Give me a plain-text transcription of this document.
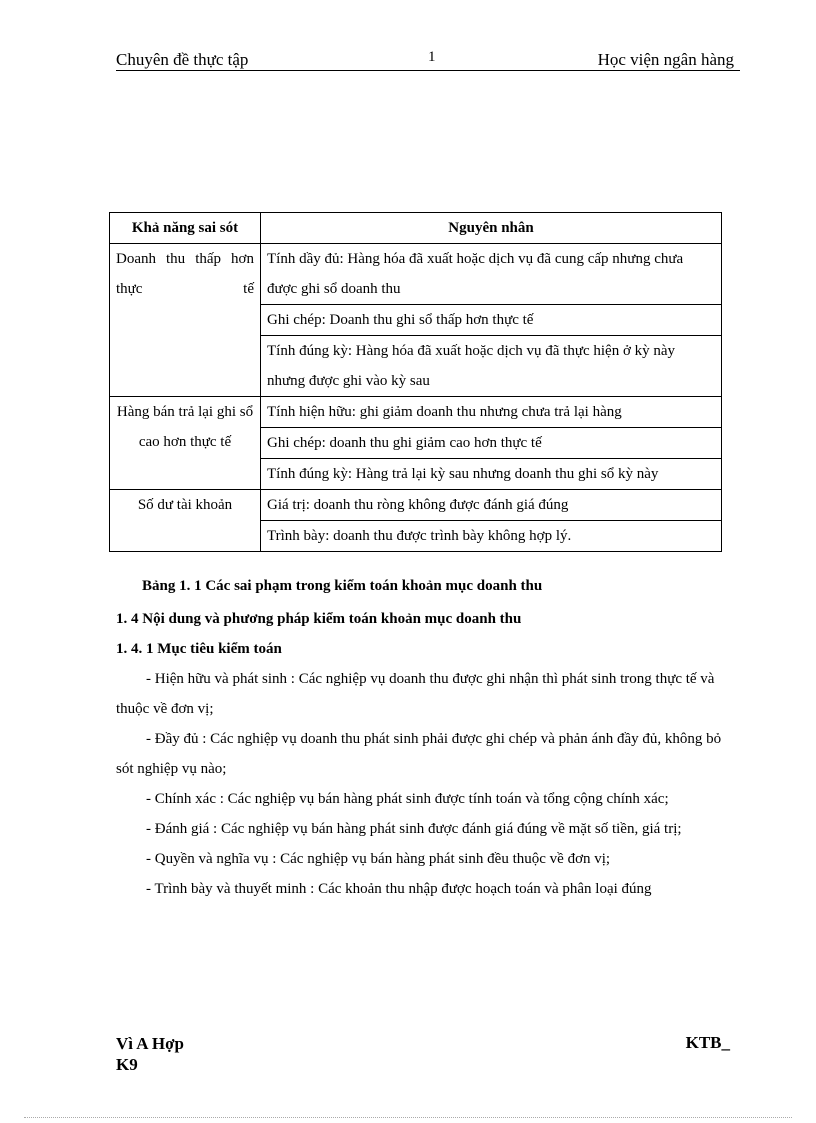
Chuyên đề thực tập	1	Học viện ngân hàng
Khả năng sai sót	Nguyên nhân
Doanh thu thấp hơn thực tế	Tính dầy đủ: Hàng hóa đã xuất hoặc dịch vụ đã cung cấp nhưng chưa được ghi sổ doanh thu
	Ghi chép: Doanh thu ghi sổ thấp hơn thực tế
	Tính đúng kỳ: Hàng hóa đã xuất hoặc dịch vụ đã thực hiện ở kỳ này nhưng được ghi vào kỳ sau
Hàng bán trả lại ghi sổ cao hơn thực tế	Tính hiện hữu: ghi giảm doanh thu nhưng chưa trả lại hàng
	Ghi chép: doanh thu ghi giảm cao hơn thực tế
	Tính đúng kỳ: Hàng trả lại kỳ sau nhưng doanh thu ghi sổ kỳ này
Số dư tài khoản	Giá trị: doanh thu ròng không được đánh giá đúng
	Trình bày: doanh thu được trình bày không hợp lý.
Bảng 1. 1 Các sai phạm trong kiểm toán khoản mục doanh thu
1. 4 Nội dung và phương pháp kiểm toán khoản mục doanh thu
1. 4. 1 Mục tiêu kiểm toán
- Hiện hữu và phát sinh : Các nghiệp vụ doanh thu được ghi nhận thì phát sinh trong thực tế và thuộc về đơn vị;
- Đầy đủ : Các nghiệp vụ doanh thu phát sinh phải được ghi chép và phản ánh đầy đủ, không bỏ sót nghiệp vụ nào;
- Chính xác : Các nghiệp vụ bán hàng phát sinh được tính toán và tổng cộng chính xác;
- Đánh giá : Các nghiệp vụ bán hàng phát sinh được đánh giá đúng về mặt số tiền, giá trị;
- Quyền và nghĩa vụ : Các nghiệp vụ bán hàng phát sinh đều thuộc về đơn vị;
- Trình bày và thuyết minh : Các khoản thu nhập được hoạch toán và phân loại đúng
Vì A Hợp
K9
KTB_
